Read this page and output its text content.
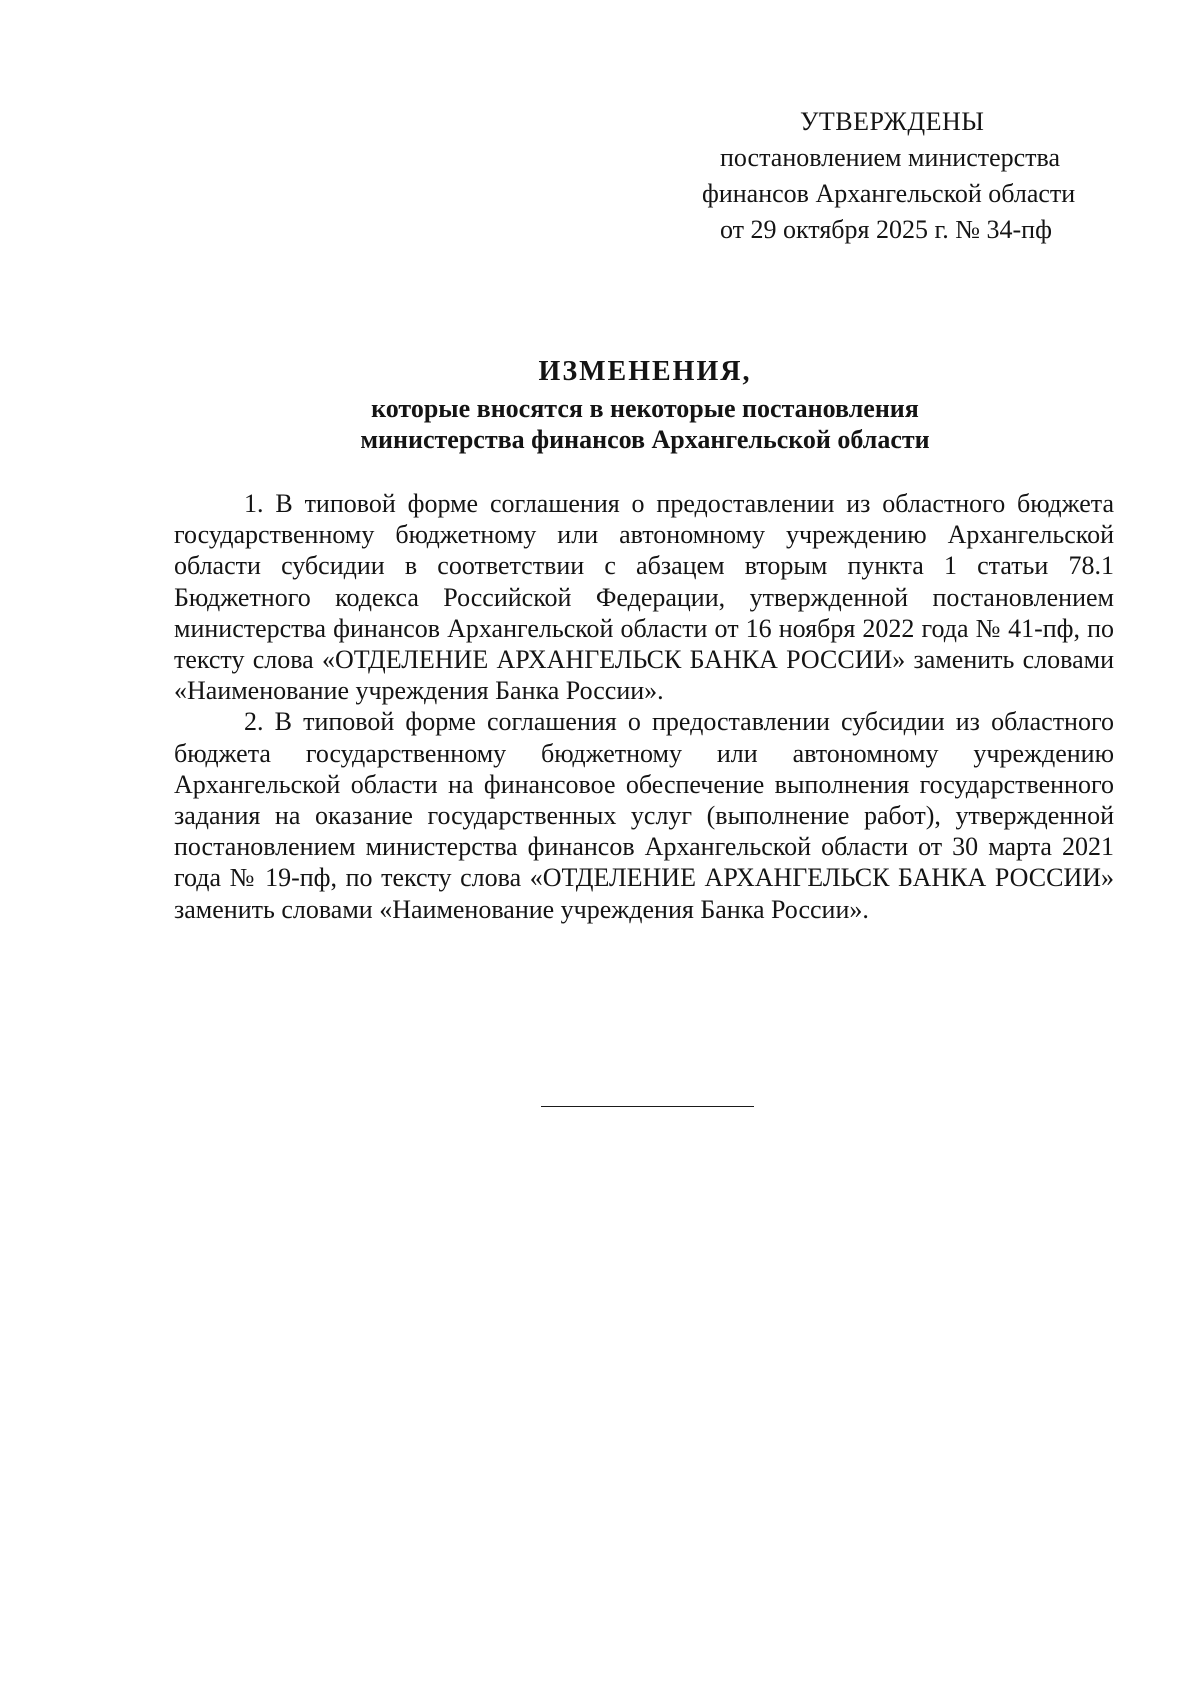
УТВЕРЖДЕНЫ
постановлением министерства
финансов Архангельской области
от 29 октября 2025 г. № 34-пф
ИЗМЕНЕНИЯ,
которые вносятся в некоторые постановления
министерства финансов Архангельской области

1. В типовой форме соглашения о предоставлении из областного бюджета государственному бюджетному или автономному учреждению Архангельской области субсидии в соответствии с абзацем вторым пункта 1 статьи 78.1 Бюджетного кодекса Российской Федерации, утвержденной постановлением министерства финансов Архангельской области от 16 ноября 2022 года № 41-пф, по тексту слова «ОТДЕЛЕНИЕ АРХАНГЕЛЬСК БАНКА РОССИИ» заменить словами «Наименование учреждения Банка России».

2. В типовой форме соглашения о предоставлении субсидии из областного бюджета государственному бюджетному или автономному учреждению Архангельской области на финансовое обеспечение выполнения государственного задания на оказание государственных услуг (выполнение работ), утвержденной постановлением министерства финансов Архангельской области от 30 марта 2021 года № 19-пф, по тексту слова «ОТДЕЛЕНИЕ АРХАНГЕЛЬСК БАНКА РОССИИ» заменить словами «Наименование учреждения Банка России».
